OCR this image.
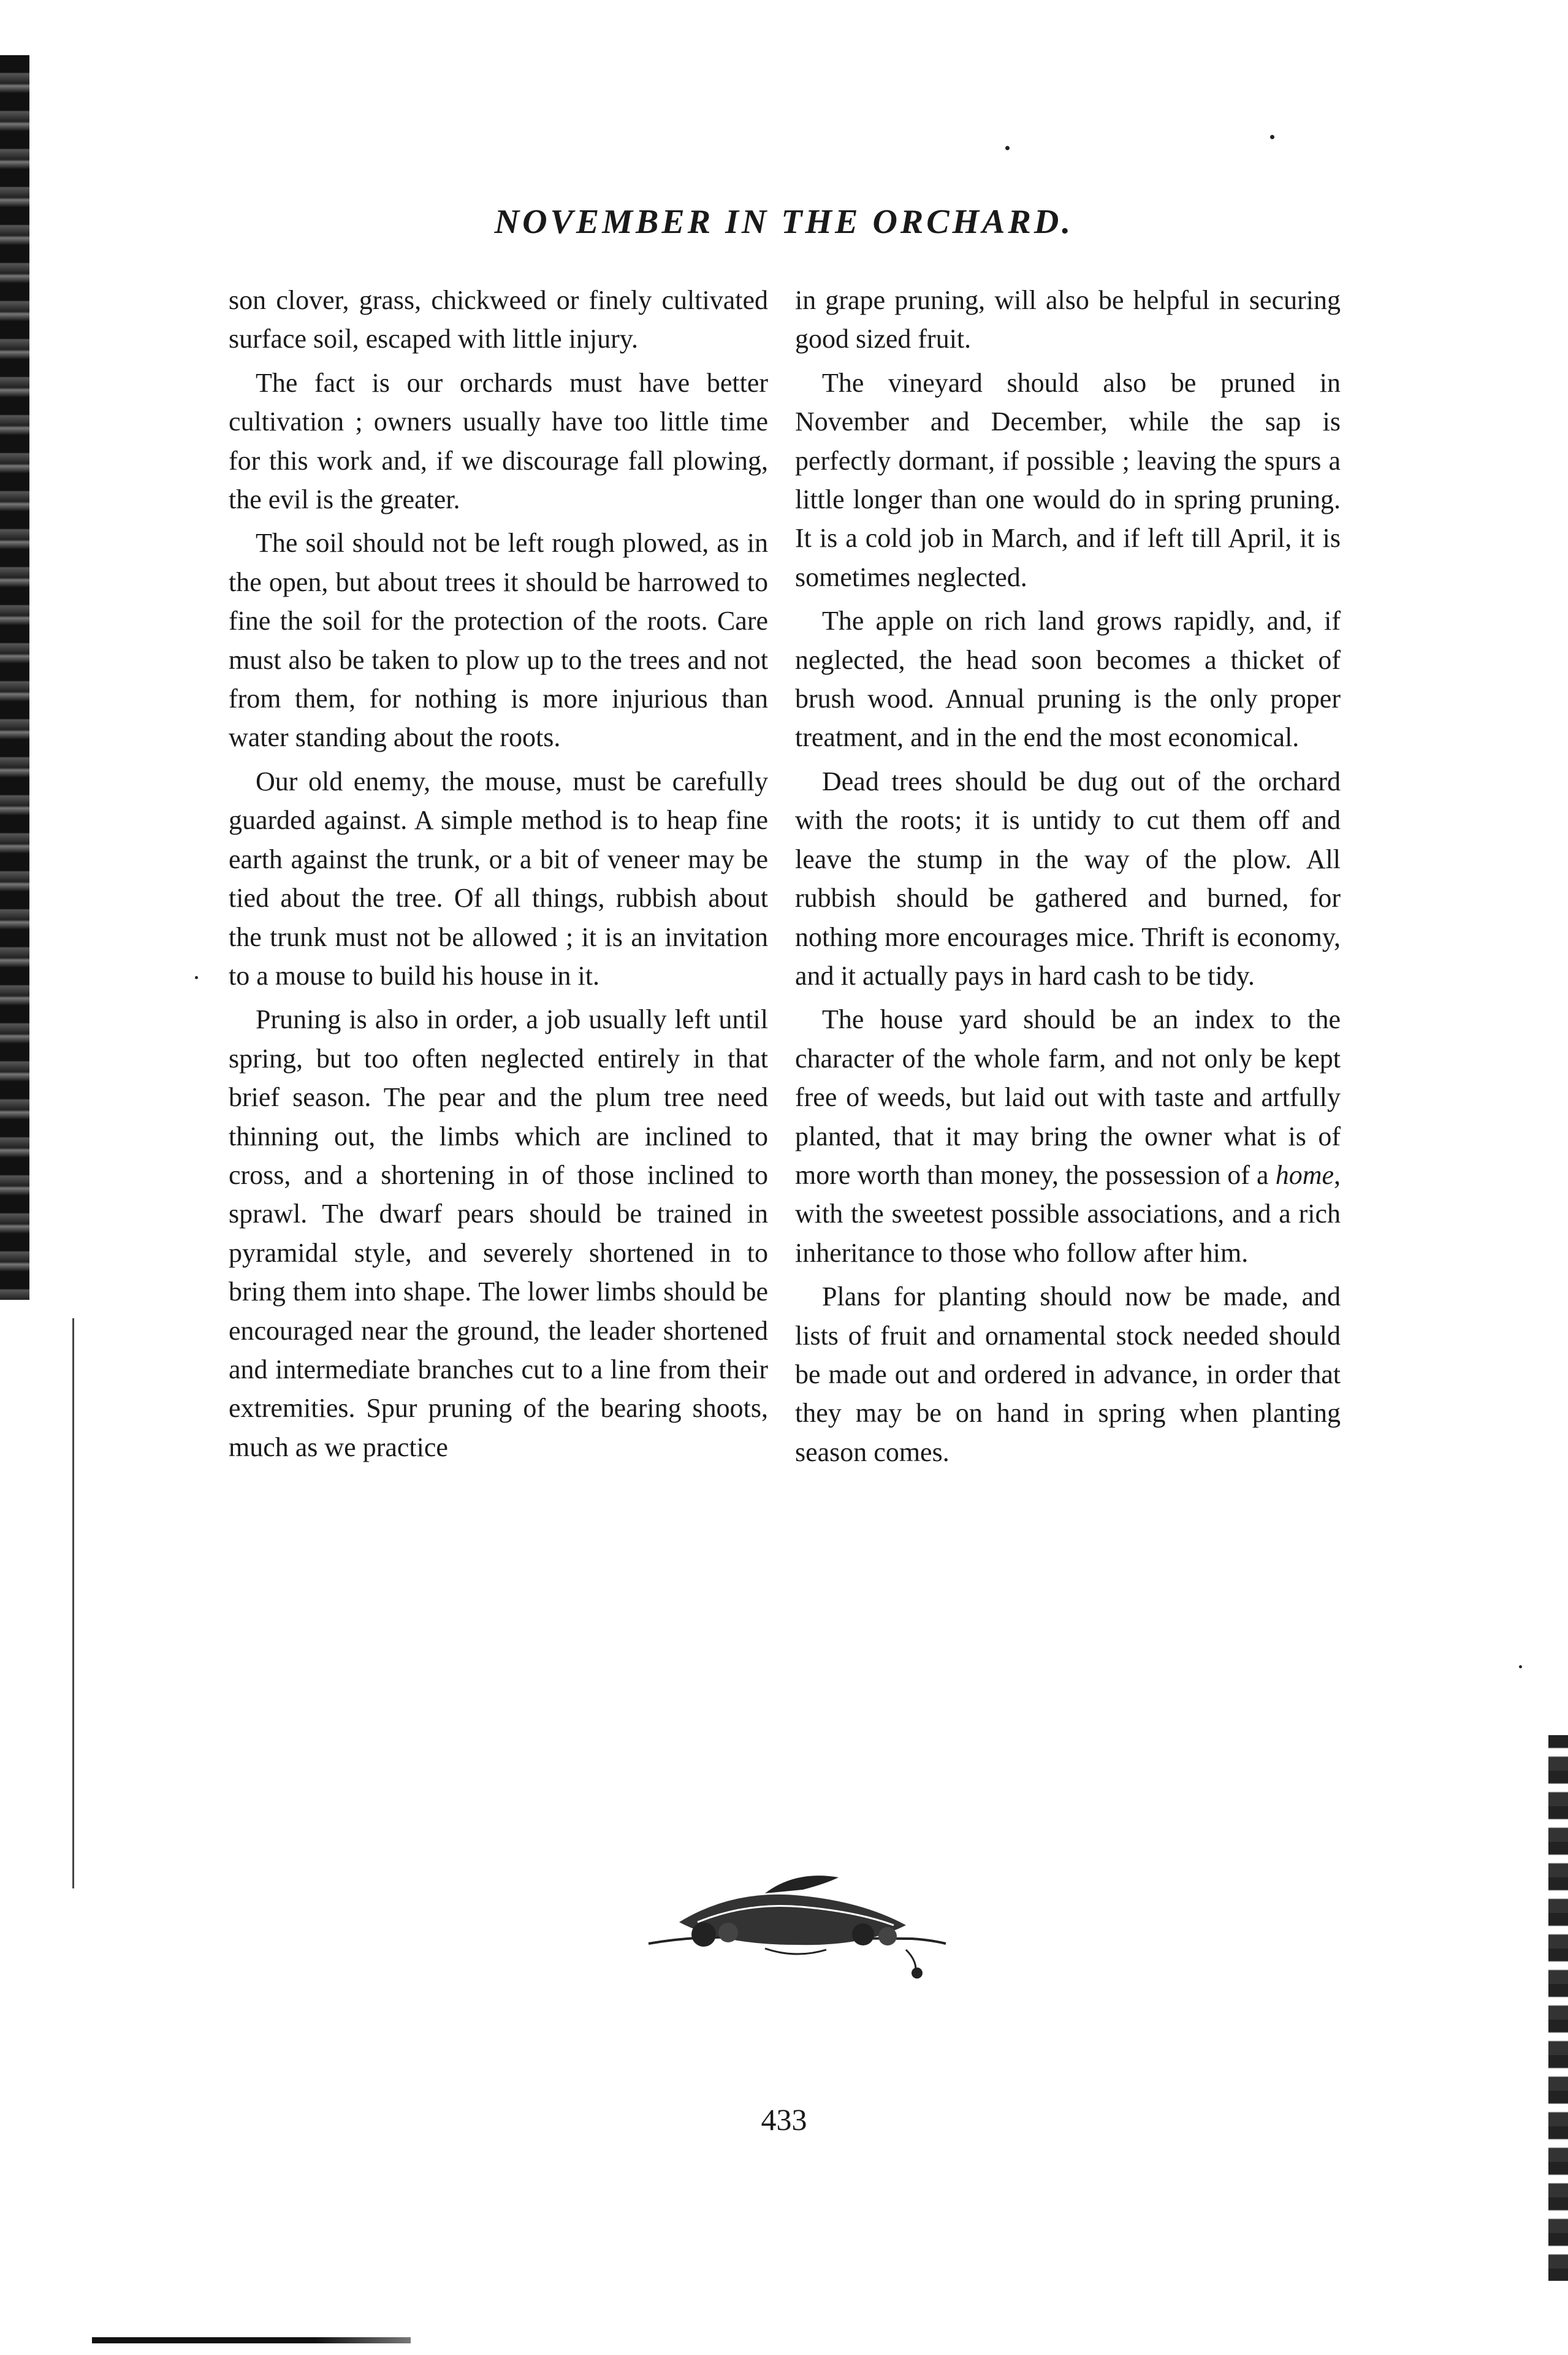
NOVEMBER IN THE ORCHARD.

son clover, grass, chickweed or finely cultivated surface soil, escaped with little injury.

The fact is our orchards must have better cultivation ; owners usually have too little time for this work and, if we discourage fall plowing, the evil is the greater.

The soil should not be left rough plowed, as in the open, but about trees it should be harrowed to fine the soil for the protection of the roots. Care must also be taken to plow up to the trees and not from them, for nothing is more injurious than water standing about the roots.

Our old enemy, the mouse, must be carefully guarded against. A simple method is to heap fine earth against the trunk, or a bit of veneer may be tied about the tree. Of all things, rubbish about the trunk must not be allowed ; it is an invitation to a mouse to build his house in it.

Pruning is also in order, a job usually left until spring, but too often neglected entirely in that brief season. The pear and the plum tree need thinning out, the limbs which are inclined to cross, and a shortening in of those inclined to sprawl. The dwarf pears should be trained in pyramidal style, and severely shortened in to bring them into shape. The lower limbs should be encouraged near the ground, the leader shortened and intermediate branches cut to a line from their extremities. Spur pruning of the bearing shoots, much as we practice

in grape pruning, will also be helpful in securing good sized fruit.

The vineyard should also be pruned in November and December, while the sap is perfectly dormant, if possible ; leaving the spurs a little longer than one would do in spring pruning. It is a cold job in March, and if left till April, it is sometimes neglected.

The apple on rich land grows rapidly, and, if neglected, the head soon becomes a thicket of brush wood. Annual pruning is the only proper treatment, and in the end the most economical.

Dead trees should be dug out of the orchard with the roots; it is untidy to cut them off and leave the stump in the way of the plow. All rubbish should be gathered and burned, for nothing more encourages mice. Thrift is economy, and it actually pays in hard cash to be tidy.

The house yard should be an index to the character of the whole farm, and not only be kept free of weeds, but laid out with taste and artfully planted, that it may bring the owner what is of more worth than money, the possession of a home, with the sweetest possible associations, and a rich inheritance to those who follow after him.

Plans for planting should now be made, and lists of fruit and ornamental stock needed should be made out and ordered in advance, in order that they may be on hand in spring when planting season comes.

433
